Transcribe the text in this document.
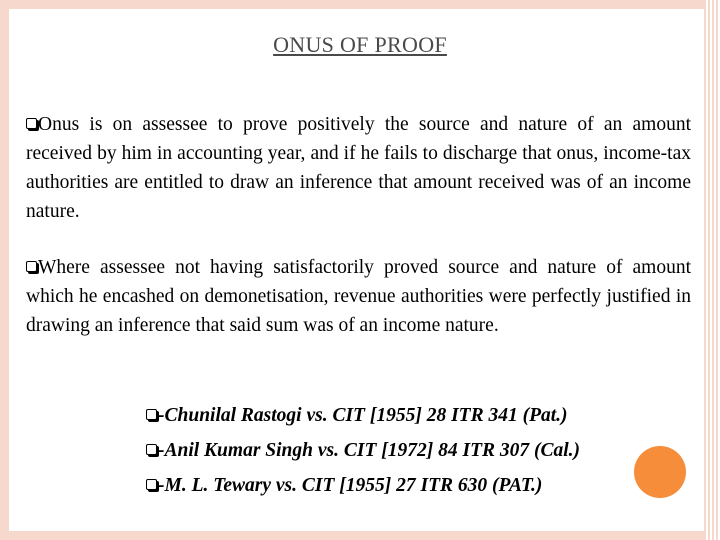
ONUS OF PROOF
Onus is on assessee to prove positively the source and nature of an amount received by him in accounting year, and if he fails to discharge that onus, income-tax authorities are entitled to draw an inference that amount received was of an income nature.
Where assessee not having satisfactorily proved source and nature of amount which he encashed on demonetisation, revenue authorities were perfectly justified in drawing an inference that said sum was of an income nature.
-Chunilal Rastogi vs. CIT [1955] 28 ITR 341 (Pat.)
-Anil Kumar Singh vs. CIT [1972] 84 ITR 307 (Cal.)
-M. L. Tewary vs. CIT [1955] 27 ITR 630 (PAT.)
